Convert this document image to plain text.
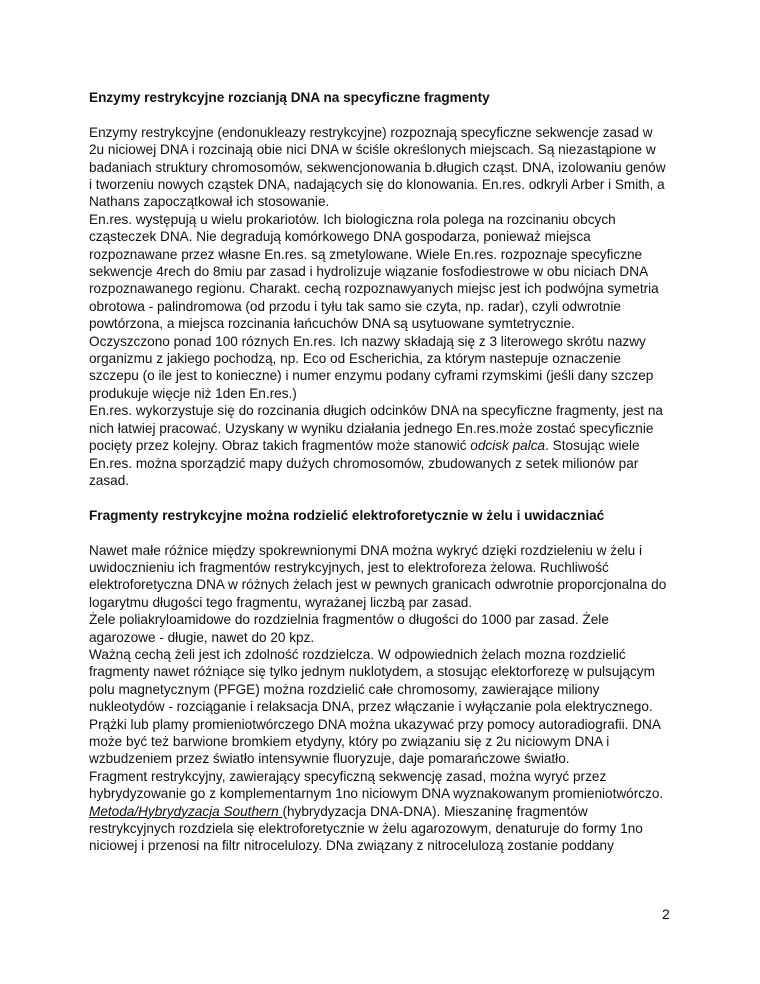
Enzymy restrykcyjne rozcianją DNA na specyficzne fragmenty
Enzymy restrykcyjne (endonukleazy restrykcyjne) rozpoznają specyficzne sekwencje zasad w
2u niciowej DNA i rozcinają obie nici DNA w ściśle określonych miejscach. Są niezastąpione w
badaniach struktury chromosomów, sekwencjonowania b.długich cząst. DNA, izolowaniu genów
i tworzeniu nowych cząstek DNA, nadających się do klonowania. En.res. odkryli Arber i Smith, a
Nathans zapoczątkował ich stosowanie.
En.res. występują u wielu prokariotów. Ich biologiczna rola polega na rozcinaniu obcych
cząsteczek DNA. Nie degradują komórkowego DNA gospodarza, ponieważ miejsca
rozpoznawane przez własne En.res. są zmetylowane. Wiele En.res. rozpoznaje specyficzne
sekwencje 4rech do 8miu par zasad i hydrolizuje wiązanie fosfodiestrowe w obu niciach DNA
rozpoznawanego regionu. Charakt. cechą rozpoznawyanych miejsc jest ich podwójna symetria
obrotowa - palindromowa (od przodu i tyłu tak samo sie czyta, np. radar), czyli odwrotnie
powtórzona, a miejsca rozcinania łańcuchów DNA są usytuowane symtetrycznie.
Oczyszczono ponad 100 róznych En.res. Ich nazwy składają się z 3 literowego skrótu nazwy
organizmu z jakiego pochodzą, np. Eco od Escherichia, za którym nastepuje oznaczenie
szczepu (o ile jest to konieczne) i numer enzymu podany cyframi rzymskimi (jeśli dany szczep
produkuje więcje niż 1den En.res.)
En.res. wykorzystuje się do rozcinania długich odcinków DNA na specyficzne fragmenty, jest na
nich łatwiej pracować. Uzyskany w wyniku działania jednego En.res.może zostać specyficznie
pocięty przez kolejny. Obraz takich fragmentów może stanowić odcisk palca. Stosując wiele
En.res. można sporządzić mapy dużych chromosomów, zbudowanych z setek milionów par
zasad.
Fragmenty restrykcyjne można rodzielić elektroforetycznie w żelu i uwidaczniać
Nawet małe różnice między spokrewnionymi DNA można wykryć dzięki rozdzieleniu w żelu i
uwidocznieniu ich fragmentów restrykcyjnych, jest to elektroforeza żelowa. Ruchliwość
elektroforetyczna DNA w różnych żelach jest w pewnych granicach odwrotnie proporcjonalna do
logarytmu długości tego fragmentu, wyrażanej liczbą par zasad.
Żele poliakryloamidowe do rozdzielnia fragmentów o długości do 1000 par zasad. Żele
agarozowe - długie, nawet do 20 kpz.
Ważną cechą żeli jest ich zdolność rozdzielcza. W odpowiednich żelach mozna rozdzielić
fragmenty nawet różniące się tylko jednym nuklotydem, a stosując elektorforezę w pulsującym
polu magnetycznym (PFGE) można rozdzielić całe chromosomy, zawierające miliony
nukleotydów - rozciąganie i relaksacja DNA, przez włączanie i wyłączanie pola elektrycznego.
Prążki lub plamy promieniotwórczego DNA można ukazywać przy pomocy autoradiografii. DNA
może być też barwione bromkiem etydyny, który po związaniu się z 2u niciowym DNA i
wzbudzeniem przez światło intensywnie fluoryzuje, daje pomarańczowe światło.
Fragment restrykcyjny, zawierający specyficzną sekwencję zasad, można wyryć przez
hybrydyzowanie go z komplementarnym 1no niciowym DNA wyznakowanym promieniotwórczo.
Metoda/Hybrydyzacja Southern (hybrydyzacja DNA-DNA). Mieszaninę fragmentów
restrykcyjnych rozdziela się elektroforetycznie w żelu agarozowym, denaturuje do formy 1no
niciowej i przenosi na filtr nitrocelulozy. DNa związany z nitrocelulozą zostanie poddany
2
